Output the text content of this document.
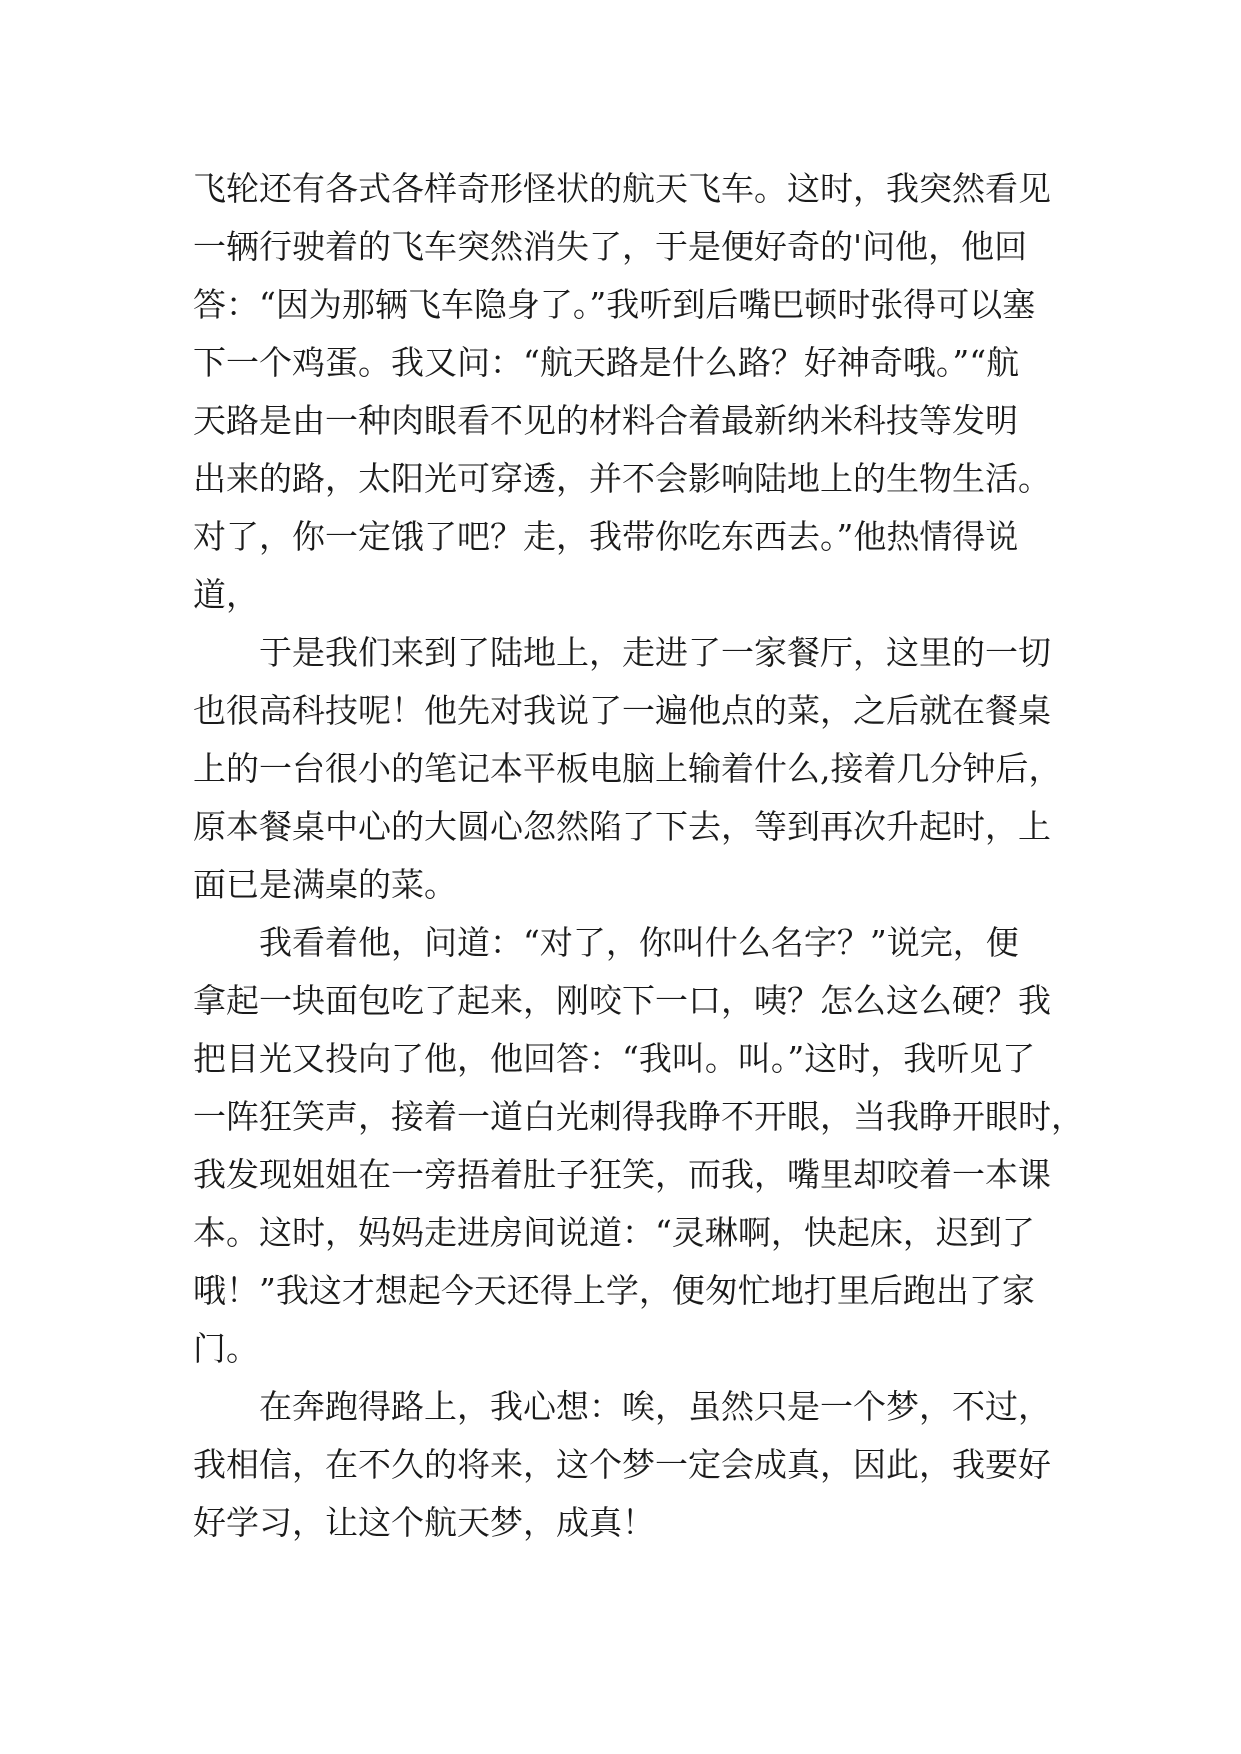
飞轮还有各式各样奇形怪状的航天飞车。这时，我突然看见
一辆行驶着的飞车突然消失了，于是便好奇的'问他，他回
答：“因为那辆飞车隐身了。”我听到后嘴巴顿时张得可以塞
下一个鸡蛋。我又问：“航天路是什么路？好神奇哦。”“航
天路是由一种肉眼看不见的材料合着最新纳米科技等发明
出来的路，太阳光可穿透，并不会影响陆地上的生物生活。
对了，你一定饿了吧？走，我带你吃东西去。”他热情得说
道，
于是我们来到了陆地上，走进了一家餐厅，这里的一切
也很高科技呢！他先对我说了一遍他点的菜，之后就在餐桌
上的一台很小的笔记本平板电脑上输着什么,接着几分钟后，
原本餐桌中心的大圆心忽然陷了下去，等到再次升起时，上
面已是满桌的菜。
我看着他，问道：“对了，你叫什么名字？”说完，便
拿起一块面包吃了起来，刚咬下一口，咦？怎么这么硬？我
把目光又投向了他，他回答：“我叫。叫。”这时，我听见了
一阵狂笑声，接着一道白光刺得我睁不开眼，当我睁开眼时，
我发现姐姐在一旁捂着肚子狂笑，而我，嘴里却咬着一本课
本。这时，妈妈走进房间说道：“灵琳啊，快起床，迟到了
哦！”我这才想起今天还得上学，便匆忙地打里后跑出了家
门。
在奔跑得路上，我心想：唉，虽然只是一个梦，不过，
我相信，在不久的将来，这个梦一定会成真，因此，我要好
好学习，让这个航天梦，成真！
